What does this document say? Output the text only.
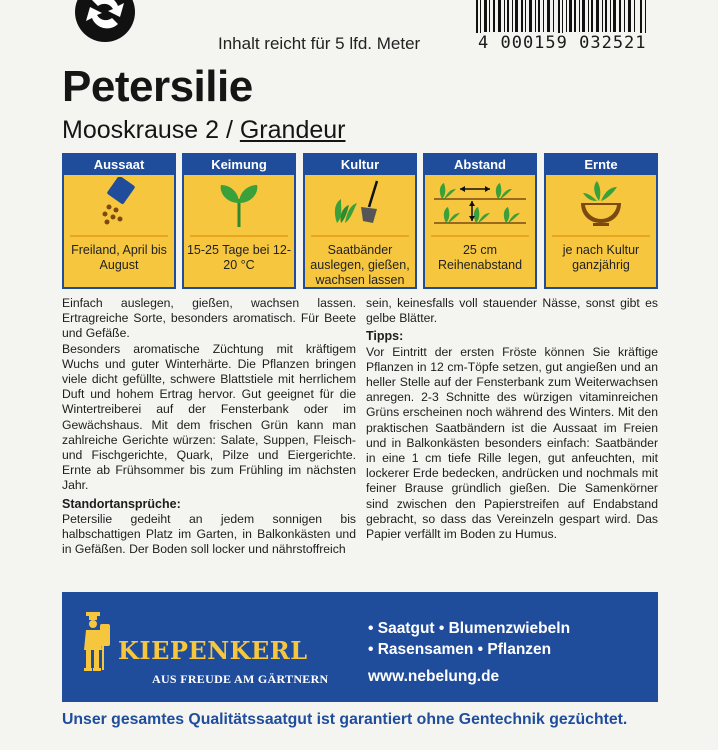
Inhalt reicht für 5 lfd. Meter	4 000159 032521
Petersilie
Mooskrause 2 / Grandeur
Aussaat
Freiland, April bis August
Keimung
15-25 Tage bei 12-20 °C
Kultur
Saatbänder auslegen, gießen, wachsen lassen
Abstand
25 cm Reihenabstand
Ernte
je nach Kultur ganzjährig

Einfach auslegen, gießen, wachsen lassen. Ertragreiche Sorte, besonders aromatisch. Für Beete und Gefäße.

Besonders aromatische Züchtung mit kräftigem Wuchs und guter Winterhärte. Die Pflanzen bringen viele dicht gefüllte, schwere Blattstiele mit herrlichem Duft und hohem Ertrag hervor. Gut geeignet für die Wintertreiberei auf der Fensterbank oder im Gewächshaus. Mit dem frischen Grün kann man zahlreiche Gerichte würzen: Salate, Suppen, Fleisch- und Fischgerichte, Quark, Pilze und Eiergerichte. Ernte ab Frühsommer bis zum Frühling im nächsten Jahr.

Standortansprüche:

Petersilie gedeiht an jedem sonnigen bis halbschattigen Platz im Garten, in Balkonkästen und in Gefäßen. Der Boden soll locker und nährstoffreich

sein, keinesfalls voll stauender Nässe, sonst gibt es gelbe Blätter.

Tipps:

Vor Eintritt der ersten Fröste können Sie kräftige Pflanzen in 12 cm-Töpfe setzen, gut angießen und an heller Stelle auf der Fensterbank zum Weiterwachsen anregen. 2-3 Schnitte des würzigen vitaminreichen Grüns erscheinen noch während des Winters. Mit den praktischen Saatbändern ist die Aussaat im Freien und in Balkonkästen besonders einfach: Saatbänder in eine 1 cm tiefe Rille legen, gut anfeuchten, mit lockerer Erde bedecken, andrücken und nochmals mit feiner Brause gründlich gießen. Die Samenkörner sind zwischen den Papierstreifen auf Endabstand gebracht, so dass das Vereinzeln gespart wird. Das Papier verfällt im Boden zu Humus.

KIEPENKERL
AUS FREUDE AM GÄRTNERN
• Saatgut • Blumenzwiebeln
• Rasensamen • Pflanzen
www.nebelung.de
Unser gesamtes Qualitätssaatgut ist garantiert ohne Gentechnik gezüchtet.
